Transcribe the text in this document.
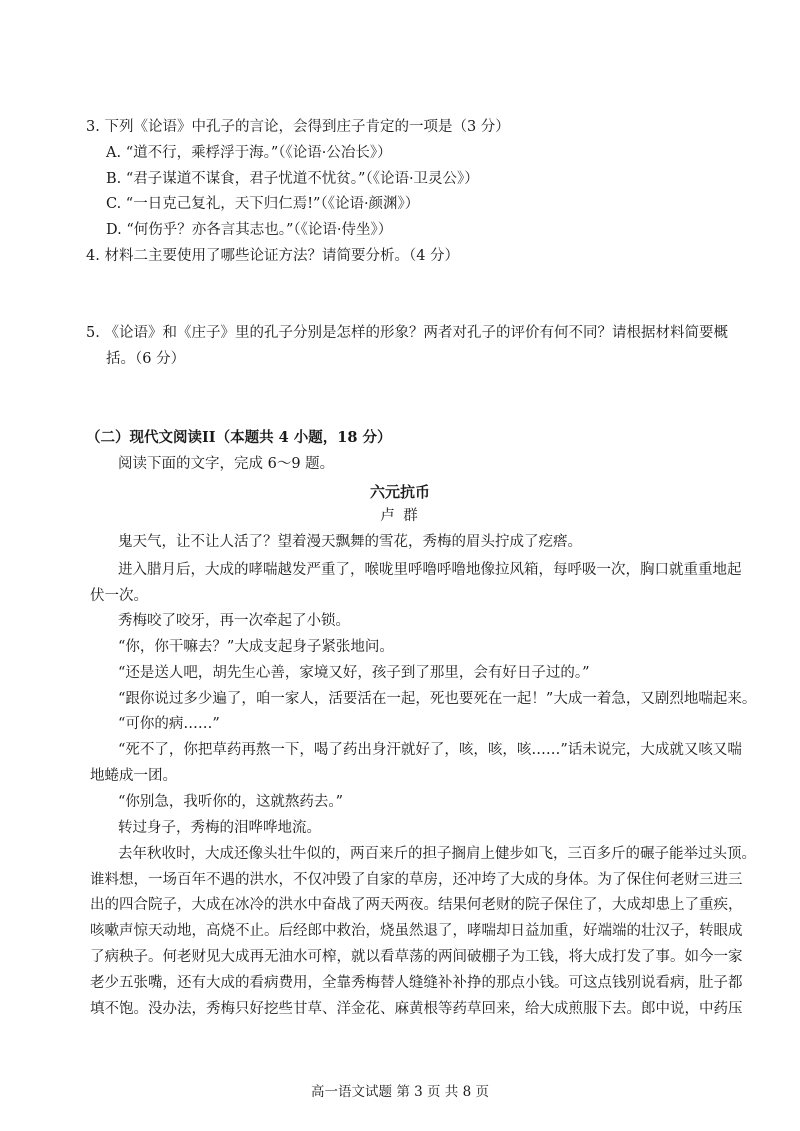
3. 下列《论语》中孔子的言论，会得到庄子肯定的一项是（3 分）
A. “道不行，乘桴浮于海。”（《论语·公冶长》）
B. “君子谋道不谋食，君子忧道不忧贫。”（《论语·卫灵公》）
C. “一日克己复礼，天下归仁焉!”（《论语·颜渊》）
D. “何伤乎？亦各言其志也。”（《论语·侍坐》）
4. 材料二主要使用了哪些论证方法？请简要分析。（4 分）
5. 《论语》和《庄子》里的孔子分别是怎样的形象？两者对孔子的评价有何不同？请根据材料简要概
括。（6 分）
（二）现代文阅读II（本题共 4 小题，18 分）
阅读下面的文字，完成 6～9 题。
六元抗币
卢 群
鬼天气，让不让人活了？望着漫天飘舞的雪花，秀梅的眉头拧成了疙瘩。
进入腊月后，大成的哮喘越发严重了，喉咙里呼噜呼噜地像拉风箱，每呼吸一次，胸口就重重地起
伏一次。
秀梅咬了咬牙，再一次牵起了小锁。
“你，你干嘛去？”大成支起身子紧张地问。
“还是送人吧，胡先生心善，家境又好，孩子到了那里，会有好日子过的。”
“跟你说过多少遍了，咱一家人，活要活在一起，死也要死在一起！”大成一着急，又剧烈地喘起来。
“可你的病……”
“死不了，你把草药再熬一下，喝了药出身汗就好了，咳，咳，咳……”话未说完，大成就又咳又喘
地蜷成一团。
“你别急，我听你的，这就熬药去。”
转过身子，秀梅的泪哗哗地流。
去年秋收时，大成还像头壮牛似的，两百来斤的担子搁肩上健步如飞，三百多斤的碾子能举过头顶。
谁料想，一场百年不遇的洪水，不仅冲毁了自家的草房，还冲垮了大成的身体。为了保住何老财三进三
出的四合院子，大成在冰冷的洪水中奋战了两天两夜。结果何老财的院子保住了，大成却患上了重疾，
咳嗽声惊天动地，高烧不止。后经郎中救治，烧虽然退了，哮喘却日益加重，好端端的壮汉子，转眼成
了病秧子。何老财见大成再无油水可榨，就以看草荡的两间破棚子为工钱，将大成打发了事。如今一家
老少五张嘴，还有大成的看病费用，全靠秀梅替人缝缝补补挣的那点小钱。可这点钱别说看病，肚子都
填不饱。没办法，秀梅只好挖些甘草、洋金花、麻黄根等药草回来，给大成煎服下去。郎中说，中药压
高一语文试题 第 3 页 共 8 页
